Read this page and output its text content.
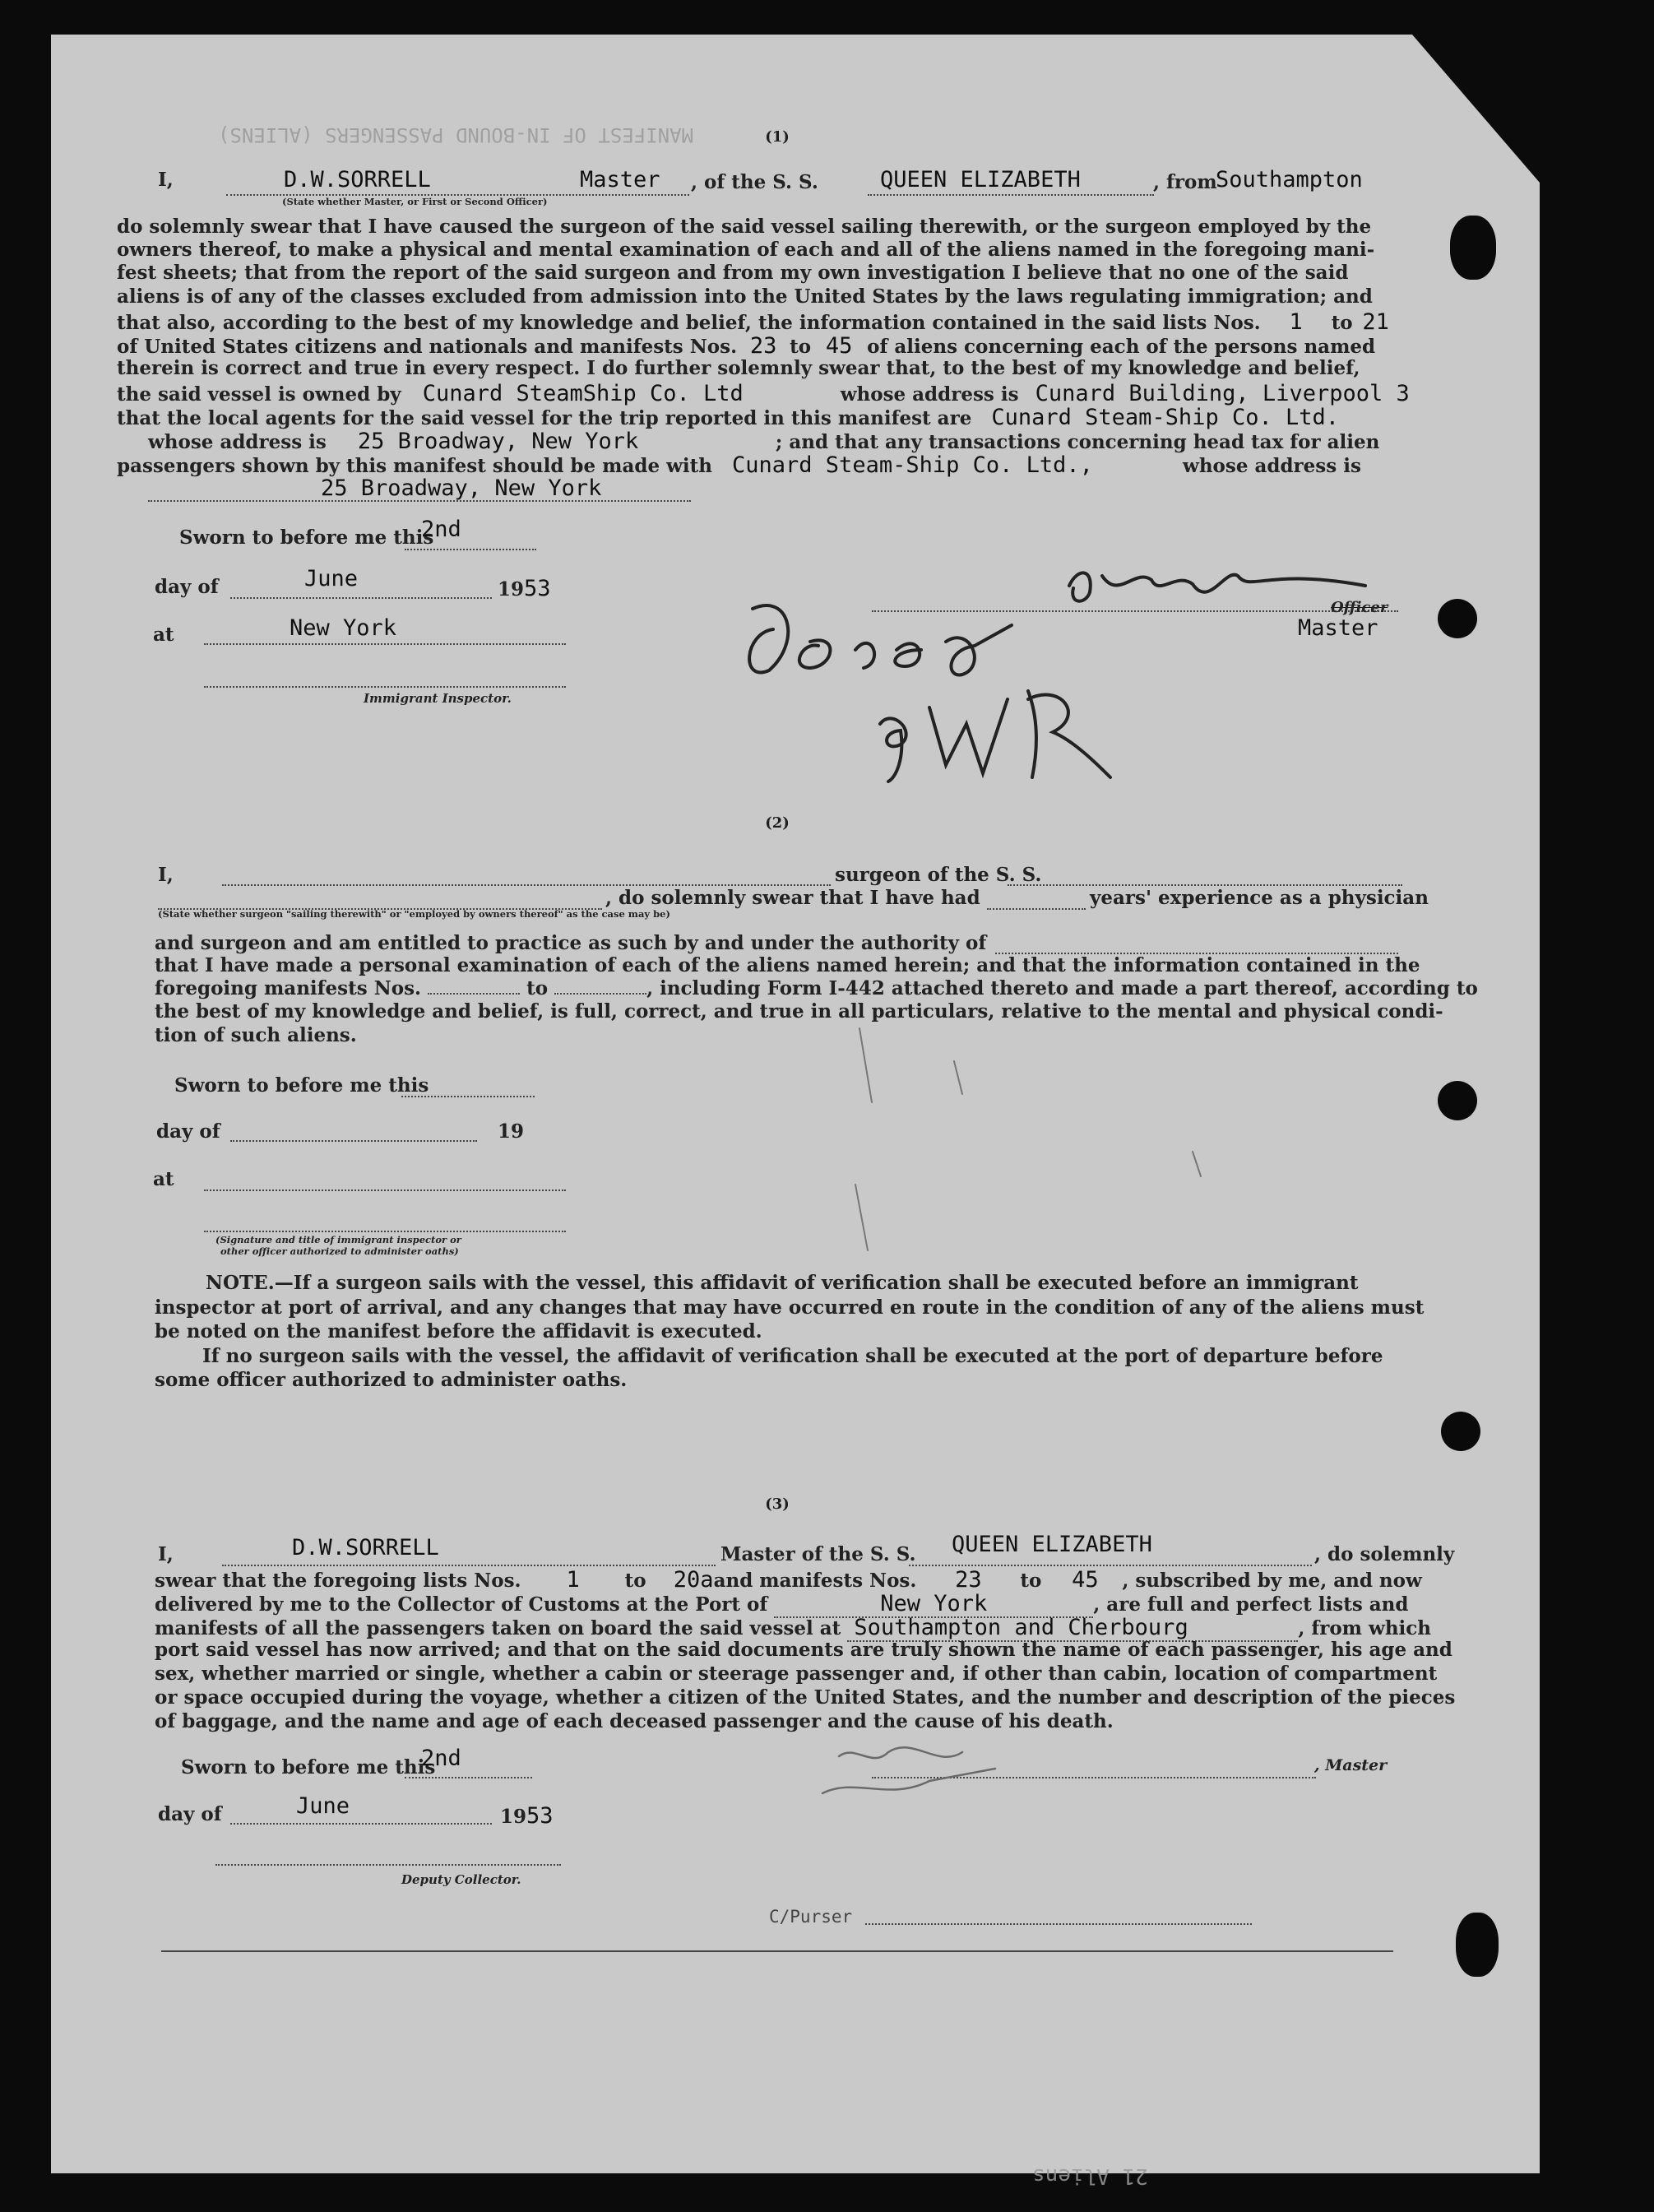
MANIFEST OF IN-BOUND PASSENGERS (ALIENS)
21 Aliens
(1)
I,	D.W.SORRELL	Master , of the S. S.	QUEEN ELIZABETH	, from
Southampton
(State whether Master, or First or Second Officer)
do solemnly swear that I have caused the surgeon of the said vessel sailing therewith, or the surgeon employed by the
owners thereof, to make a physical and mental examination of each and all of the aliens named in the foregoing mani-
fest sheets; that from the report of the said surgeon and from my own investigation I believe that no one of the said
aliens is of any of the classes excluded from admission into the United States by the laws regulating immigration; and
that also, according to the best of my knowledge and belief, the information contained in the said lists Nos. 1 to 21
of United States citizens and nationals and manifests Nos. 23 to 45 of aliens concerning each of the persons named
therein is correct and true in every respect. I do further solemnly swear that, to the best of my knowledge and belief,
the said vessel is owned by Cunard SteamShip Co. Ltd	whose address is Cunard Building, Liverpool 3
that the local agents for the said vessel for the trip reported in this manifest are Cunard Steam-Ship Co. Ltd.
whose address is 25 Broadway, New York	; and that any transactions concerning head tax for alien
passengers shown by this manifest should be made with Cunard Steam-Ship Co. Ltd.,	whose address is
25 Broadway, New York
Sworn to before me this
2nd
day of	June	1953
at	New York
Immigrant Inspector.
Officer
Master
(2)
I,	surgeon of the S. S.
, do solemnly swear that I have had	years' experience as a physician
(State whether surgeon "sailing therewith" or "employed by owners thereof" as the case may be)
and surgeon and am entitled to practice as such by and under the authority of
that I have made a personal examination of each of the aliens named herein; and that the information contained in the
foregoing manifests Nos.	to	, including Form I-442 attached thereto and made a part thereof, according to
the best of my knowledge and belief, is full, correct, and true in all particulars, relative to the mental and physical condi-
tion of such aliens.
Sworn to before me this
day of	19
at
(Signature and title of immigrant inspector or
other officer authorized to administer oaths)
NOTE.—If a surgeon sails with the vessel, this affidavit of verification shall be executed before an immigrant
inspector at port of arrival, and any changes that may have occurred en route in the condition of any of the aliens must
be noted on the manifest before the affidavit is executed.
If no surgeon sails with the vessel, the affidavit of verification shall be executed at the port of departure before
some officer authorized to administer oaths.
(3)
I,	D.W.SORRELL	Master of the S. S. QUEEN ELIZABETH	, do solemnly
swear that the foregoing lists Nos. 1 to 20aand manifests Nos. 23 to 45 , subscribed by me, and now
delivered by me to the Collector of Customs at the Port of	New York	, are full and perfect lists and
manifests of all the passengers taken on board the said vessel at Southampton and Cherbourg	, from which
port said vessel has now arrived; and that on the said documents are truly shown the name of each passenger, his age and
sex, whether married or single, whether a cabin or steerage passenger and, if other than cabin, location of compartment
or space occupied during the voyage, whether a citizen of the United States, and the number and description of the pieces
of baggage, and the name and age of each deceased passenger and the cause of his death.
Sworn to before me this
2nd
day of	June	1953
Deputy Collector.
, Master
C/Purser
